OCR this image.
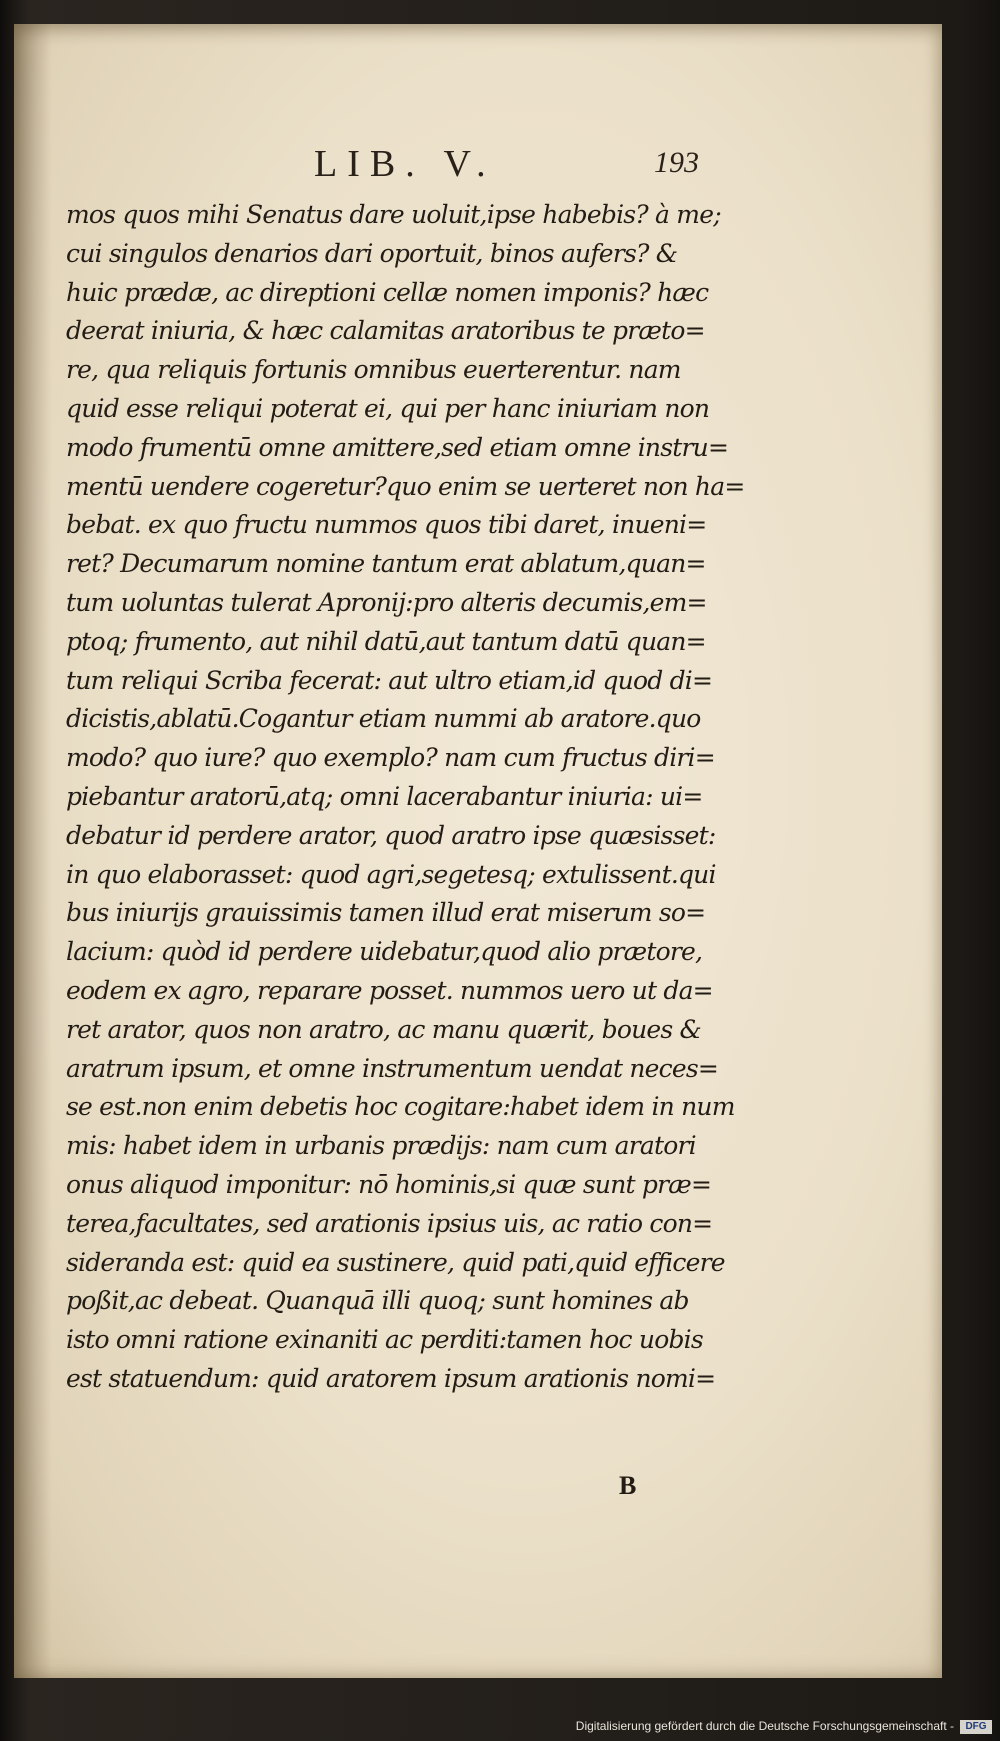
LIB. V.	193
mos quos mihi Senatus dare uoluit,ipse habebis? à me;
cui singulos denarios dari oportuit, binos aufers? &
huic prædæ, ac direptioni cellæ nomen imponis? hæc
deerat iniuria, & hæc calamitas aratoribus te præto=
re, qua reliquis fortunis omnibus euerterentur. nam
quid esse reliqui poterat ei, qui per hanc iniuriam non
modo frumentū omne amittere,sed etiam omne instru=
mentū uendere cogeretur?quo enim se uerteret non ha=
bebat. ex quo fructu nummos quos tibi daret, inueni=
ret? Decumarum nomine tantum erat ablatum,quan=
tum uoluntas tulerat Apronij:pro alteris decumis,em=
ptoq; frumento, aut nihil datū,aut tantum datū quan=
tum reliqui Scriba fecerat: aut ultro etiam,id quod di=
dicistis,ablatū.Cogantur etiam nummi ab aratore.quo
modo? quo iure? quo exemplo? nam cum fructus diri=
piebantur aratorū,atq; omni lacerabantur iniuria: ui=
debatur id perdere arator, quod aratro ipse quæsisset:
in quo elaborasset: quod agri,segetesq; extulissent.qui
bus iniurijs grauissimis tamen illud erat miserum so=
lacium: quòd id perdere uidebatur,quod alio prætore,
eodem ex agro, reparare posset. nummos uero ut da=
ret arator, quos non aratro, ac manu quærit, boues &
aratrum ipsum, et omne instrumentum uendat neces=
se est.non enim debetis hoc cogitare:habet idem in num
mis: habet idem in urbanis prædijs: nam cum aratori
onus aliquod imponitur: nō hominis,si quæ sunt præ=
terea,facultates, sed arationis ipsius uis, ac ratio con=
sideranda est: quid ea sustinere, quid pati,quid efficere
poßit,ac debeat. Quanquā illi quoq; sunt homines ab
isto omni ratione exinaniti ac perditi:tamen hoc uobis
est statuendum: quid aratorem ipsum arationis nomi=
B
Digitalisierung gefördert durch die Deutsche Forschungsgemeinschaft -	DFG
